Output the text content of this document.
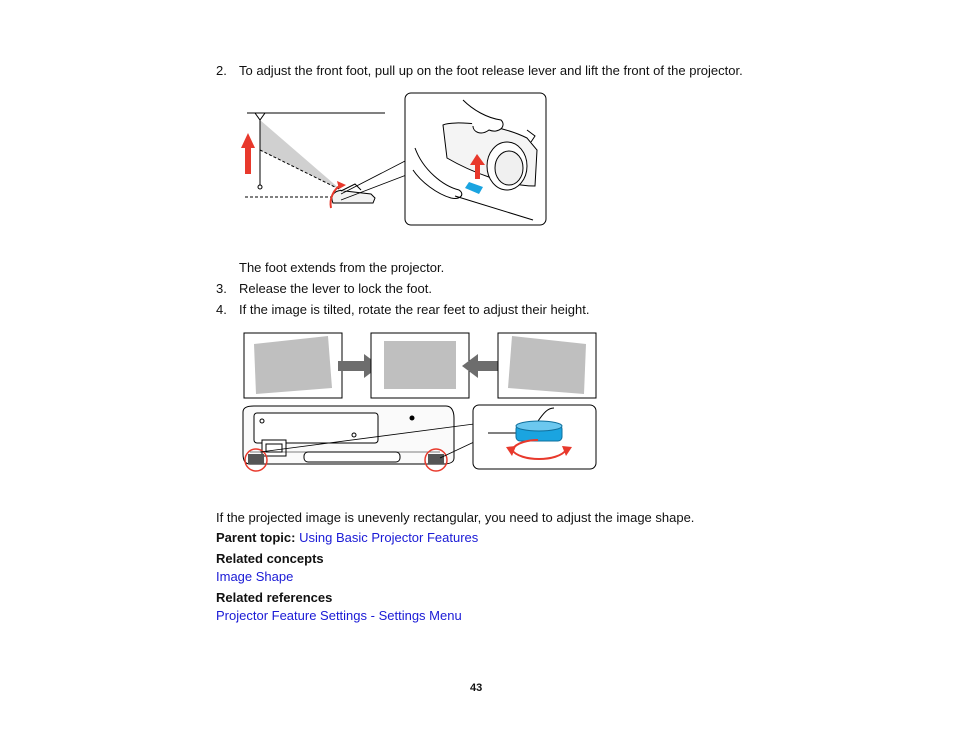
2. To adjust the front foot, pull up on the foot release lever and lift the front of the projector.
The foot extends from the projector.
3. Release the lever to lock the foot.
4. If the image is tilted, rotate the rear feet to adjust their height.
If the projected image is unevenly rectangular, you need to adjust the image shape.
Parent topic: Using Basic Projector Features
Related concepts
Image Shape
Related references
Projector Feature Settings - Settings Menu
43
